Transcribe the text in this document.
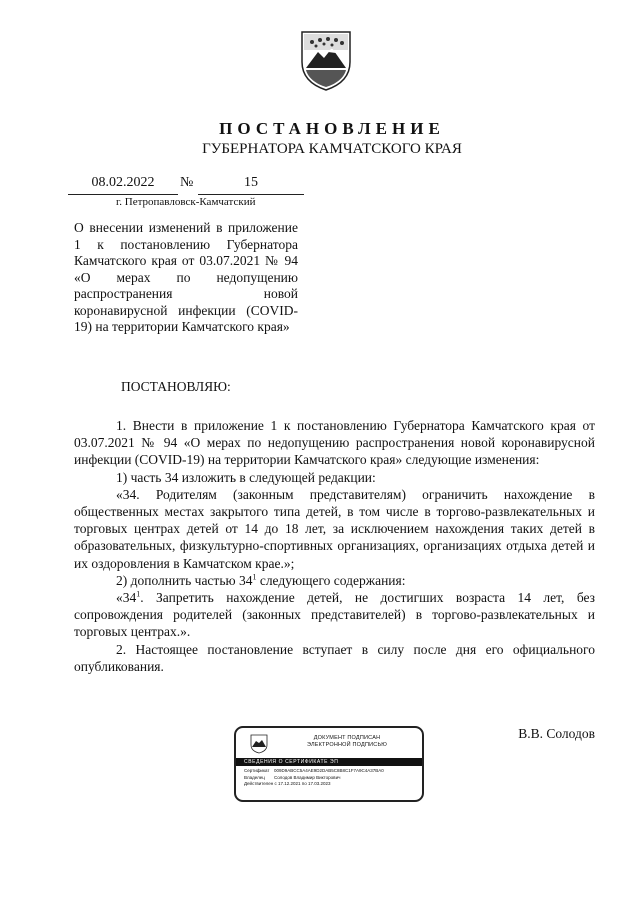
ПОСТАНОВЛЕНИЕ
ГУБЕРНАТОРА КАМЧАТСКОГО КРАЯ
08.02.2022	№	15
г. Петропавловск-Камчатский
О внесении изменений в приложение 1 к постановлению Губернатора Камчатского края от 03.07.2021 № 94 «О мерах по недопущению распространения новой коронавирусной инфекции (COVID-19) на территории Камчатского края»
ПОСТАНОВЛЯЮ:

1. Внести в приложение 1 к постановлению Губернатора Камчатского края от 03.07.2021 № 94 «О мерах по недопущению распространения новой коронавирусной инфекции (COVID-19) на территории Камчатского края» следующие изменения:

1) часть 34 изложить в следующей редакции:

«34. Родителям (законным представителям) ограничить нахождение в общественных местах закрытого типа детей, в том числе в торгово-развлекательных и торговых центрах детей от 14 до 18 лет, за исключением нахождения таких детей в образовательных, физкультурно-спортивных организациях, организациях отдыха детей и их оздоровления в Камчатском крае.»;

2) дополнить частью $34^1$ следующего содержания:

«$34^1$. Запретить нахождение детей, не достигших возраста 14 лет, без сопровождения родителей (законных представителей) в торгово-развлекательных и торговых центрах.».

2. Настоящее постановление вступает в силу после дня его официального опубликования.

ДОКУМЕНТ ПОДПИСАН
ЭЛЕКТРОННОЙ ПОДПИСЬЮ
СВЕДЕНИЯ О СЕРТИФИКАТЕ ЭП
Сертификат	009D9ABCC5A4AE9D2DAB5C8B8C1F7A9C4A37BA0
Владелец	Солодов Владимир Викторович
Действителен с 17.12.2021 по 17.03.2023
В.В. Солодов
